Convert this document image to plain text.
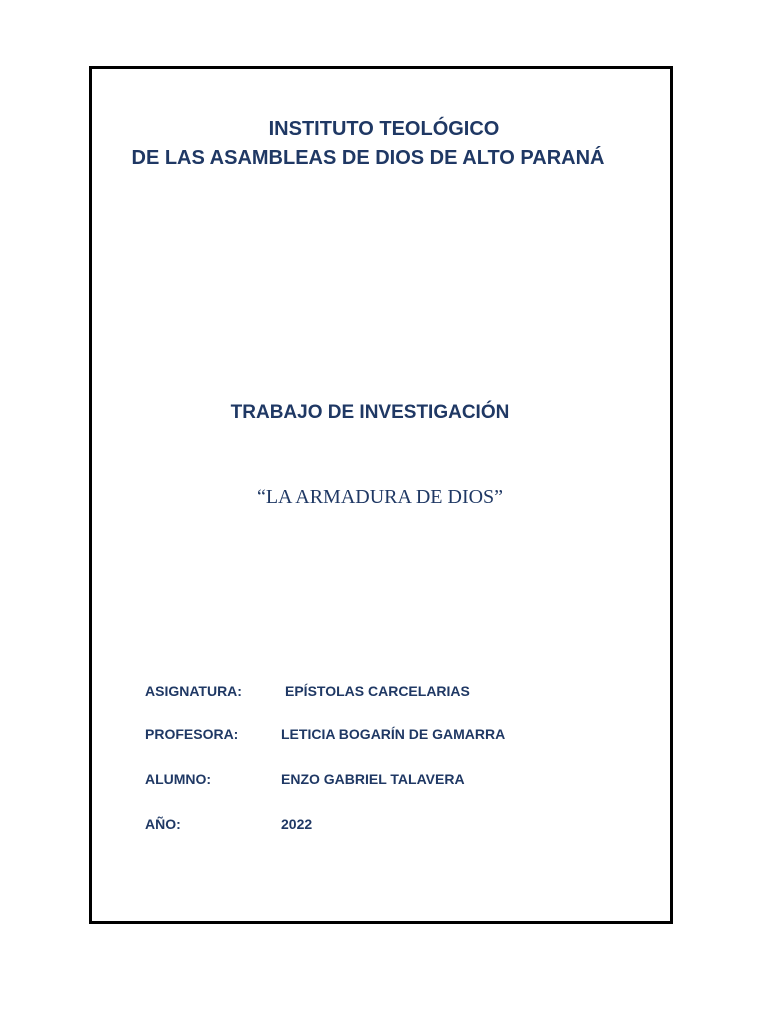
INSTITUTO TEOLÓGICO
DE LAS ASAMBLEAS DE DIOS DE ALTO PARANÁ
TRABAJO DE INVESTIGACIÓN
“LA ARMADURA DE DIOS”
ASIGNATURA:	EPÍSTOLAS CARCELARIAS
PROFESORA:	LETICIA BOGARÍN DE GAMARRA
ALUMNO:	ENZO GABRIEL TALAVERA
AÑO:	2022
